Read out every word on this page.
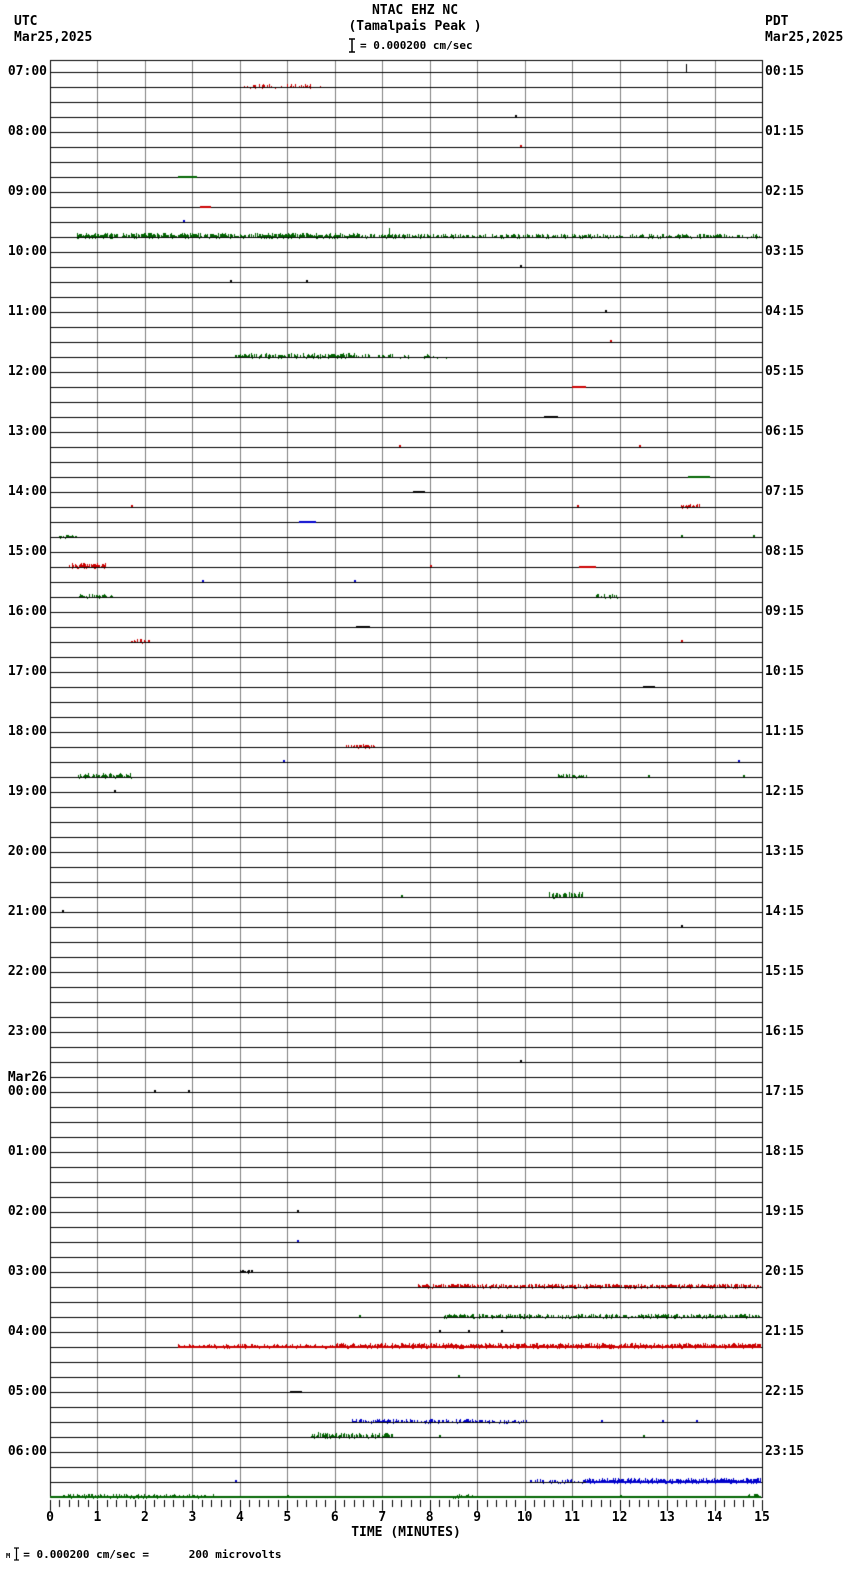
NTAC EHZ NC
(Tamalpais Peak )
= 0.000200 cm/sec
UTC
Mar25,2025
PDT
Mar25,2025
07:00
08:00
09:00
10:00
11:00
12:00
13:00
14:00
15:00
16:00
17:00
18:00
19:00
20:00
21:00
22:00
23:00
Mar26
00:00
01:00
02:00
03:00
04:00
05:00
06:00
00:15
01:15
02:15
03:15
04:15
05:15
06:15
07:15
08:15
09:15
10:15
11:15
12:15
13:15
14:15
15:15
16:15
17:15
18:15
19:15
20:15
21:15
22:15
23:15
0	1	2	3	4	5	6	7	8	9	10	11	12	13	14	15
TIME (MINUTES)
M = 0.000200 cm/sec =      200 microvolts
